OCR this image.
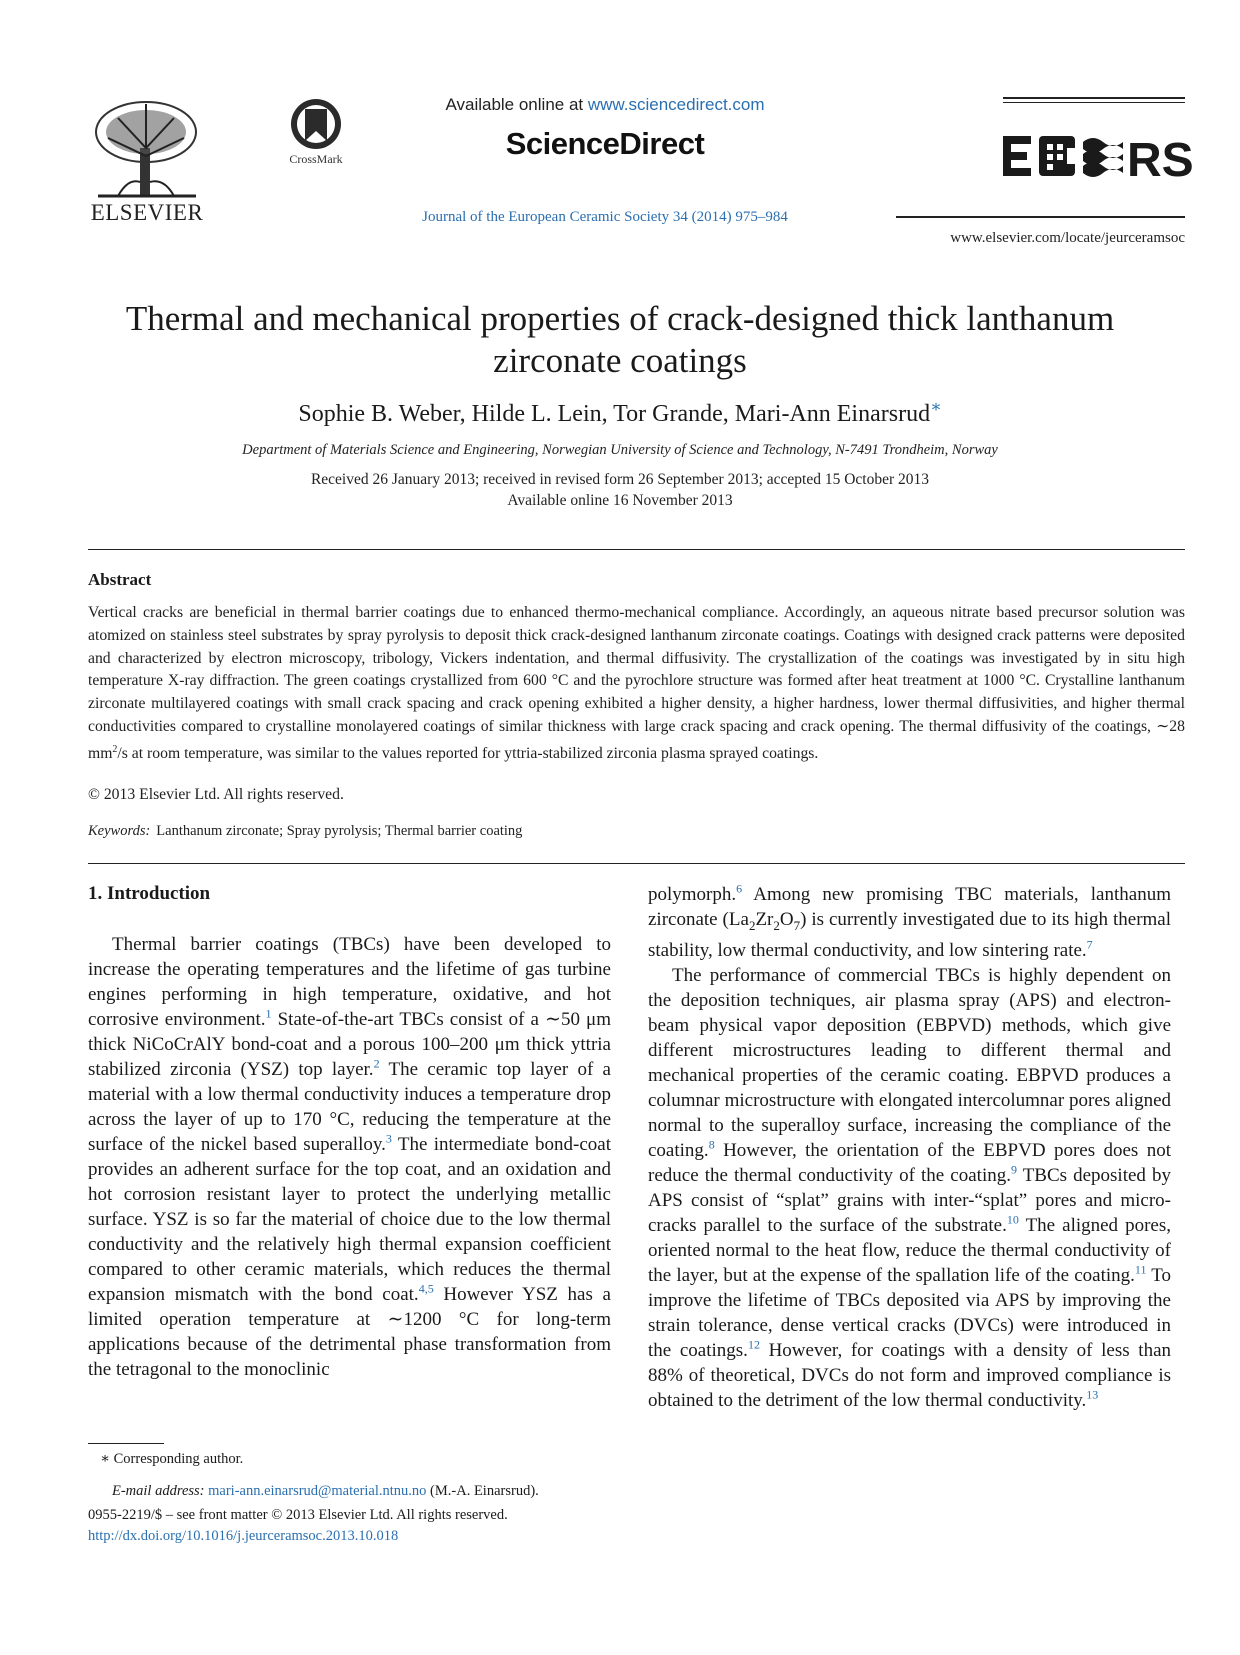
ELSEVIER
CrossMark
Available online at www.sciencedirect.com
ScienceDirect
Journal of the European Ceramic Society 34 (2014) 975–984
RS
www.elsevier.com/locate/jeurceramsoc
Thermal and mechanical properties of crack-designed thick lanthanum zirconate coatings
Sophie B. Weber, Hilde L. Lein, Tor Grande, Mari-Ann Einarsrud∗
Department of Materials Science and Engineering, Norwegian University of Science and Technology, N-7491 Trondheim, Norway
Received 26 January 2013; received in revised form 26 September 2013; accepted 15 October 2013
Available online 16 November 2013
Abstract
Vertical cracks are beneficial in thermal barrier coatings due to enhanced thermo-mechanical compliance. Accordingly, an aqueous nitrate based precursor solution was atomized on stainless steel substrates by spray pyrolysis to deposit thick crack-designed lanthanum zirconate coatings. Coatings with designed crack patterns were deposited and characterized by electron microscopy, tribology, Vickers indentation, and thermal diffusivity. The crystallization of the coatings was investigated by in situ high temperature X-ray diffraction. The green coatings crystallized from 600 °C and the pyrochlore structure was formed after heat treatment at 1000 °C. Crystalline lanthanum zirconate multilayered coatings with small crack spacing and crack opening exhibited a higher density, a higher hardness, lower thermal diffusivities, and higher thermal conductivities compared to crystalline monolayered coatings of similar thickness with large crack spacing and crack opening. The thermal diffusivity of the coatings, ∼28 $mm^2/s$ at room temperature, was similar to the values reported for yttria-stabilized zirconia plasma sprayed coatings.
© 2013 Elsevier Ltd. All rights reserved.
Keywords: Lanthanum zirconate; Spray pyrolysis; Thermal barrier coating
1. Introduction

Thermal barrier coatings (TBCs) have been developed to increase the operating temperatures and the lifetime of gas turbine engines performing in high temperature, oxidative, and hot corrosive environment.$^1$ State-of-the-art TBCs consist of a ∼50 μm thick NiCoCrAlY bond-coat and a porous 100–200 μm thick yttria stabilized zirconia (YSZ) top layer.$^2$ The ceramic top layer of a material with a low thermal conductivity induces a temperature drop across the layer of up to 170 °C, reducing the temperature at the surface of the nickel based superalloy.$^3$ The intermediate bond-coat provides an adherent surface for the top coat, and an oxidation and hot corrosion resistant layer to protect the underlying metallic surface. YSZ is so far the material of choice due to the low thermal conductivity and the relatively high thermal expansion coefficient compared to other ceramic materials, which reduces the thermal expansion mismatch with the bond coat.$^{4,5}$ However YSZ has a limited operation temperature at ∼1200 °C for long-term applications because of the detrimental phase transformation from the tetragonal to the monoclinic

polymorph.$^6$ Among new promising TBC materials, lanthanum zirconate $(La_2Zr_2O_7)$ is currently investigated due to its high thermal stability, low thermal conductivity, and low sintering rate.$^7$

The performance of commercial TBCs is highly dependent on the deposition techniques, air plasma spray (APS) and electron-beam physical vapor deposition (EBPVD) methods, which give different microstructures leading to different thermal and mechanical properties of the ceramic coating. EBPVD produces a columnar microstructure with elongated intercolumnar pores aligned normal to the superalloy surface, increasing the compliance of the coating.$^8$ However, the orientation of the EBPVD pores does not reduce the thermal conductivity of the coating.$^9$ TBCs deposited by APS consist of “splat” grains with inter-“splat” pores and micro-cracks parallel to the surface of the substrate.$^{10}$ The aligned pores, oriented normal to the heat flow, reduce the thermal conductivity of the layer, but at the expense of the spallation life of the coating.$^{11}$ To improve the lifetime of TBCs deposited via APS by improving the strain tolerance, dense vertical cracks (DVCs) were introduced in the coatings.$^{12}$ However, for coatings with a density of less than 88% of theoretical, DVCs do not form and improved compliance is obtained to the detriment of the low thermal conductivity.$^{13}$

∗ Corresponding author.
E-mail address: mari-ann.einarsrud@material.ntnu.no (M.-A. Einarsrud).
0955-2219/$ – see front matter © 2013 Elsevier Ltd. All rights reserved.
http://dx.doi.org/10.1016/j.jeurceramsoc.2013.10.018
